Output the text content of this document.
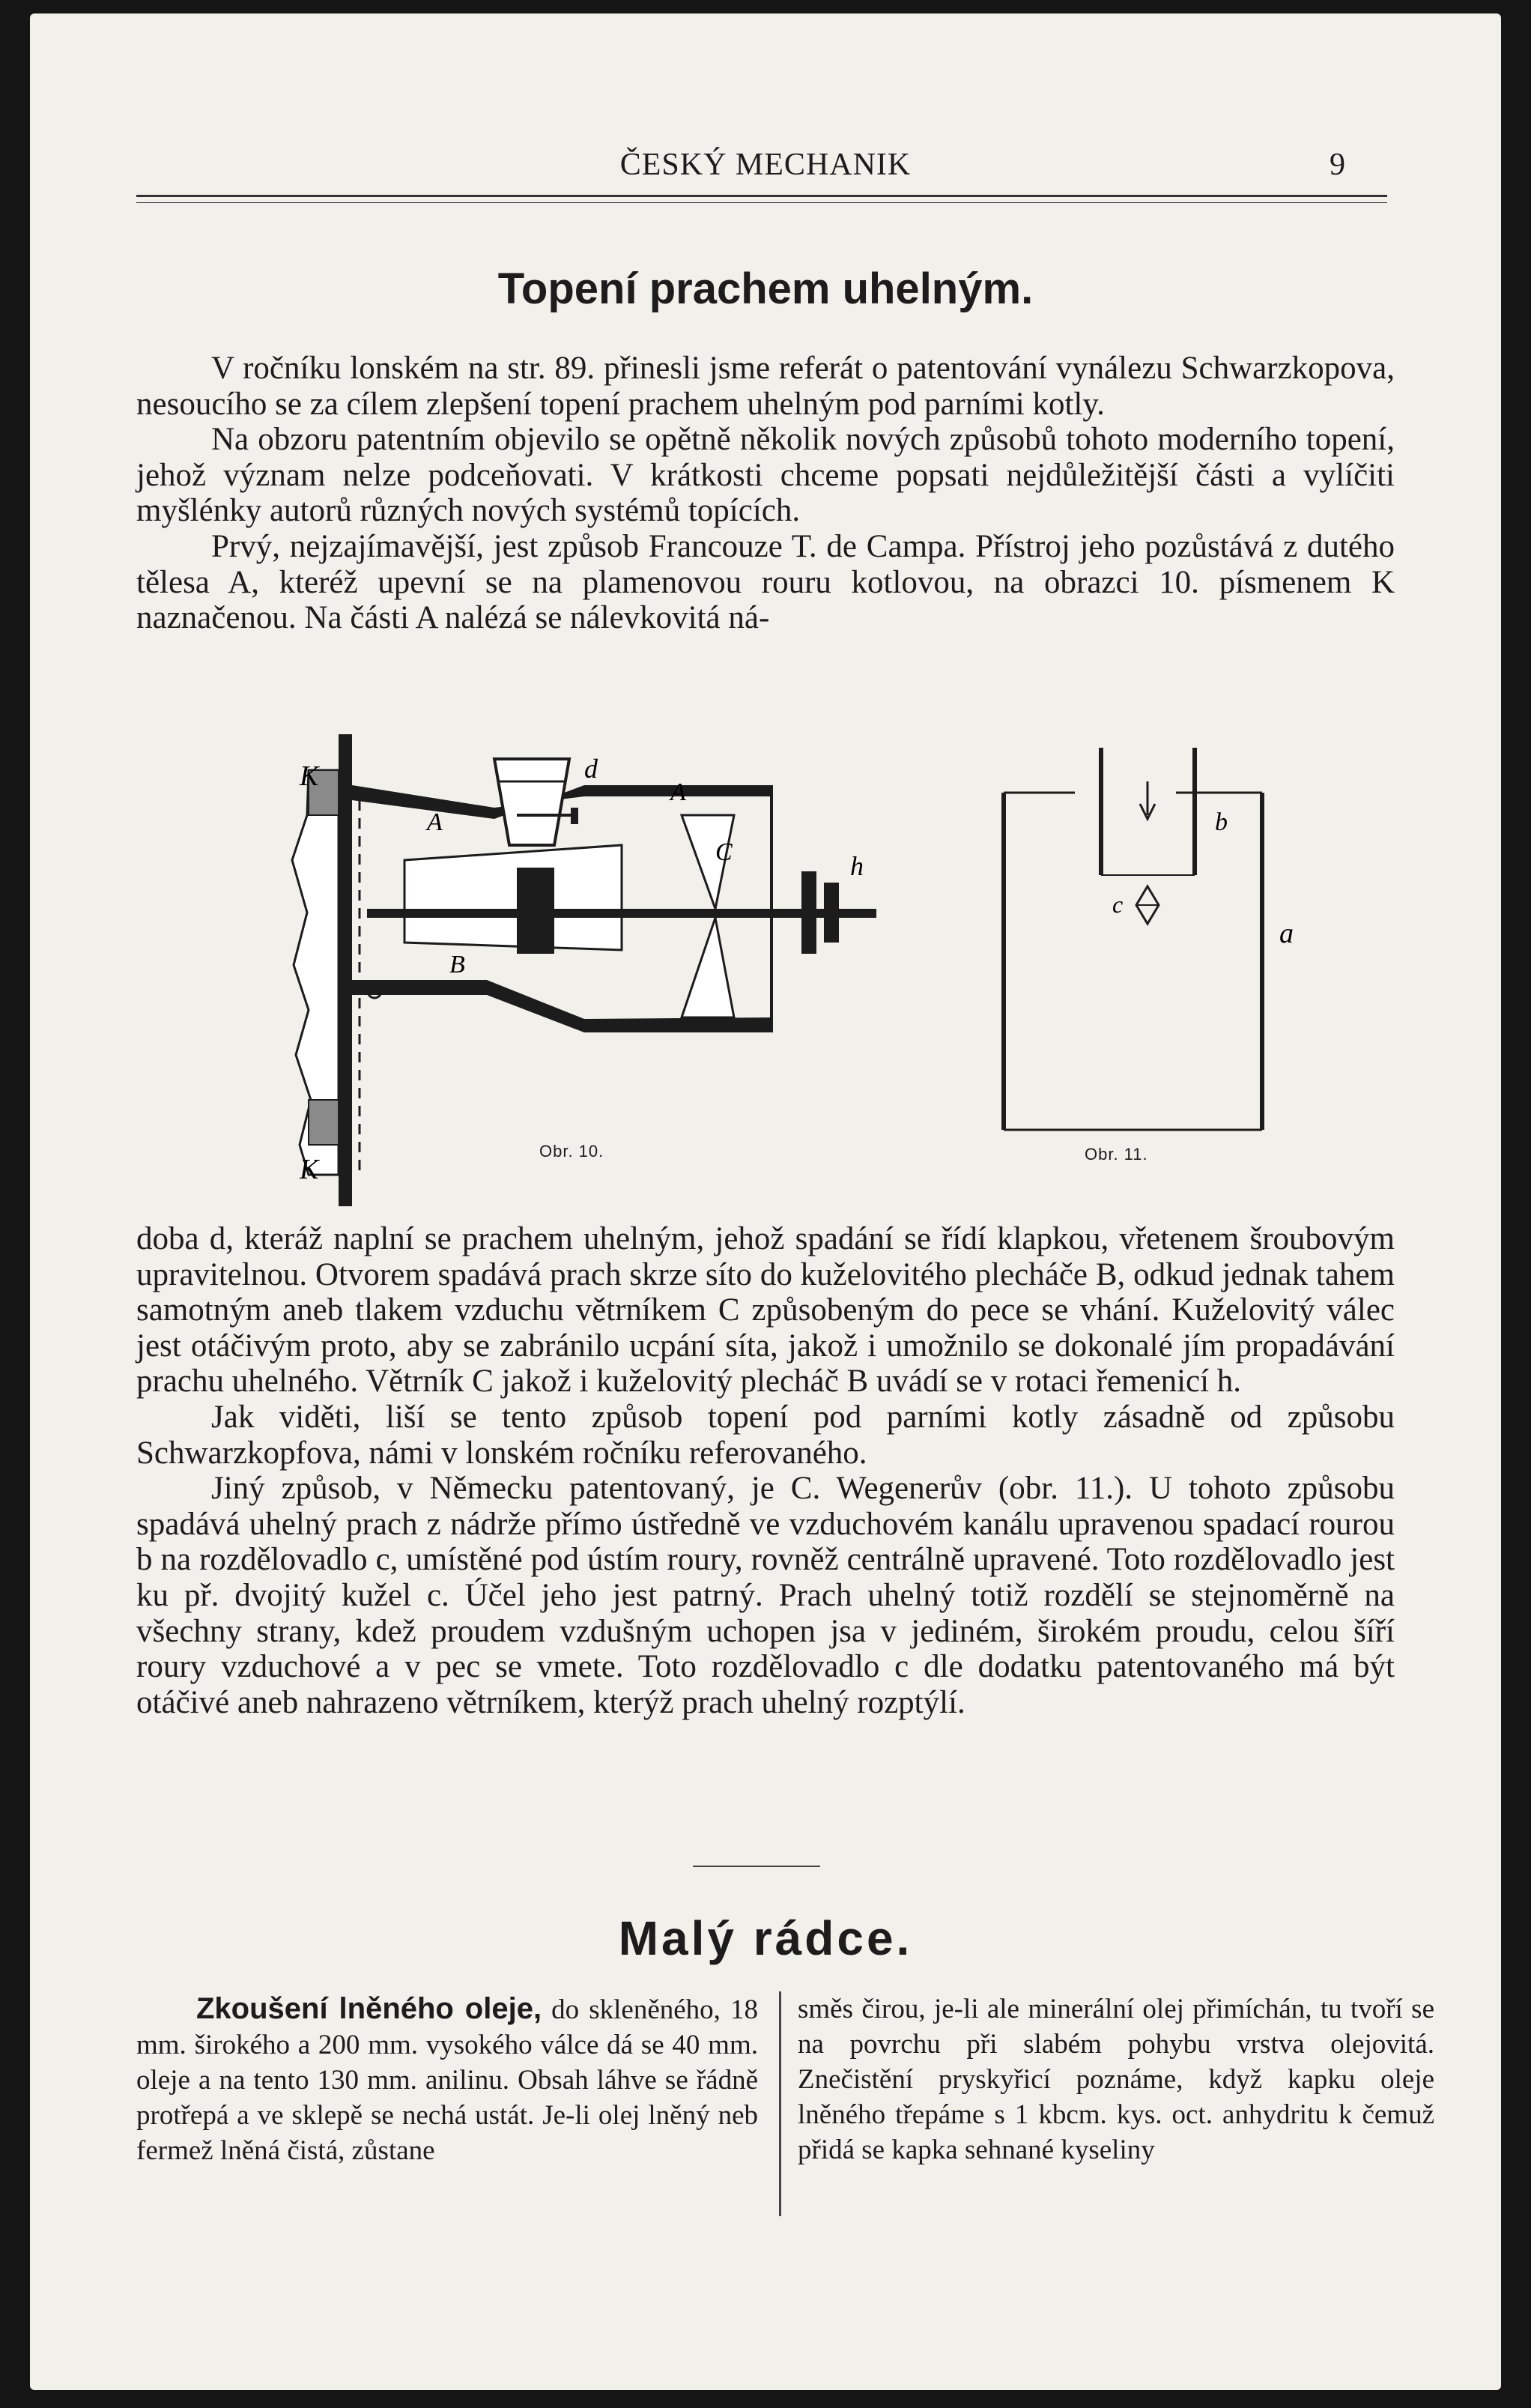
ČESKÝ MECHANIK	9
Topení prachem uhelným.

V ročníku lonském na str. 89. přinesli jsme referát o patentování vynálezu Schwarzkopova, nesoucího se za cílem zlepšení topení prachem uhelným pod parními kotly.

Na obzoru patentním objevilo se opětně několik nových způsobů tohoto moderního topení, jehož význam nelze podceňovati. V krátkosti chceme popsati nejdůležitější části a vylíčiti myšlénky autorů různých nových systémů topících.

Prvý, nejzajímavější, jest způsob Francouze T. de Campa. Přístroj jeho pozůstává z dutého tělesa A, kteréž upevní se na plamenovou rouru kotlovou, na obrazci 10. písmenem K naznačenou. Na části A nalézá se nálevkovitá ná-

K
A
d
A
C	h
B
K
Obr. 10.
b
c
a
Obr. 11.

doba d, kteráž naplní se prachem uhelným, jehož spadání se řídí klapkou, vřetenem šroubovým upravitelnou. Otvorem spadává prach skrze síto do kuželovitého plecháče B, odkud jednak tahem samotným aneb tlakem vzduchu větrníkem C způsobeným do pece se vhání. Kuželovitý válec jest otáčivým proto, aby se zabránilo ucpání síta, jakož i umožnilo se dokonalé jím propadávání prachu uhelného. Větrník C jakož i kuželovitý plecháč B uvádí se v rotaci řemenicí h.

Jak viděti, liší se tento způsob topení pod parními kotly zásadně od způsobu Schwarzkopfova, námi v lonském ročníku referovaného.

Jiný způsob, v Německu patentovaný, je C. Wegenerův (obr. 11.). U tohoto způsobu spadává uhelný prach z nádrže přímo ústředně ve vzduchovém kanálu upravenou spadací rourou b na rozdělovadlo c, umístěné pod ústím roury, rovněž centrálně upravené. Toto rozdělovadlo jest ku př. dvojitý kužel c. Účel jeho jest patrný. Prach uhelný totiž rozdělí se stejnoměrně na všechny strany, kdež proudem vzdušným uchopen jsa v jediném, širokém proudu, celou šíří roury vzduchové a v pec se vmete. Toto rozdělovadlo c dle dodatku patentovaného má být otáčivé aneb nahrazeno větrníkem, kterýž prach uhelný rozptýlí.

Malý rádce.

Zkoušení lněného oleje, do skleněného, 18 mm. širokého a 200 mm. vysokého válce dá se 40 mm. oleje a na tento 130 mm. anilinu. Obsah láhve se řádně protřepá a ve sklepě se nechá ustát. Je-li olej lněný neb fermež lněná čistá, zůstane

směs čirou, je-li ale minerální olej přimíchán, tu tvoří se na povrchu při slabém pohybu vrstva olejovitá. Znečistění pryskyřicí poznáme, když kapku oleje lněného třepáme s 1 kbcm. kys. oct. anhydritu k čemuž přidá se kapka sehnané kyseliny
